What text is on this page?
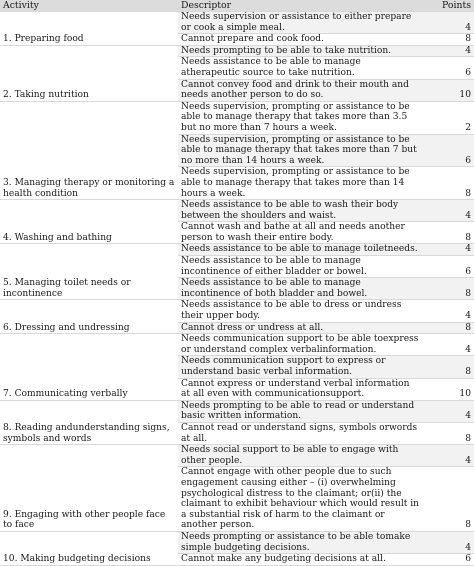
Activity	Descriptor	Points
1. Preparing food	Needs supervision or assistance to either prepare or cook a simple meal.	4
	Cannot prepare and cook food.	8
2. Taking nutrition	Needs prompting to be able to take nutrition.	4
	Needs assistance to be able to manage atherapeutic source to take nutrition.	6
	Cannot convey food and drink to their mouth and needs another person to do so.	10
3. Managing therapy or monitoring a health condition	Needs supervision, prompting or assistance to be able to manage therapy that takes more than 3.5 but no more than 7 hours a week.	2
	Needs supervision, prompting or assistance to be able to manage therapy that takes more than 7 but no more than 14 hours a week.	6
	Needs supervision, prompting or assistance to be able to manage therapy that takes more than 14 hours a week.	8
4. Washing and bathing	Needs assistance to be able to wash their body between the shoulders and waist.	4
	Cannot wash and bathe at all and needs another person to wash their entire body.	8
5. Managing toilet needs or incontinence	Needs assistance to be able to manage toiletneeds.	4
	Needs assistance to be able to manage incontinence of either bladder or bowel.	6
	Needs assistance to be able to manage incontinence of both bladder and bowel.	8
6. Dressing and undressing	Needs assistance to be able to dress or undress their upper body.	4
	Cannot dress or undress at all.	8
7. Communicating verbally	Needs communication support to be able toexpress or understand complex verbalinformation.	4
	Needs communication support to express or understand basic verbal information.	8
	Cannot express or understand verbal information at all even with communicationsupport.	10
8. Reading andunderstanding signs, symbols and words	Needs prompting to be able to read or understand basic written information.	4
	Cannot read or understand signs, symbols orwords at all.	8
9. Engaging with other people face to face	Needs social support to be able to engage with other people.	4
	Cannot engage with other people due to such engagement causing either – (i) overwhelming psychological distress to the claimant; or(ii) the claimant to exhibit behaviour which would result in a substantial risk of harm to the claimant or another person.	8
10. Making budgeting decisions	Needs prompting or assistance to be able tomake simple budgeting decisions.	4
	Cannot make any budgeting decisions at all.	6
